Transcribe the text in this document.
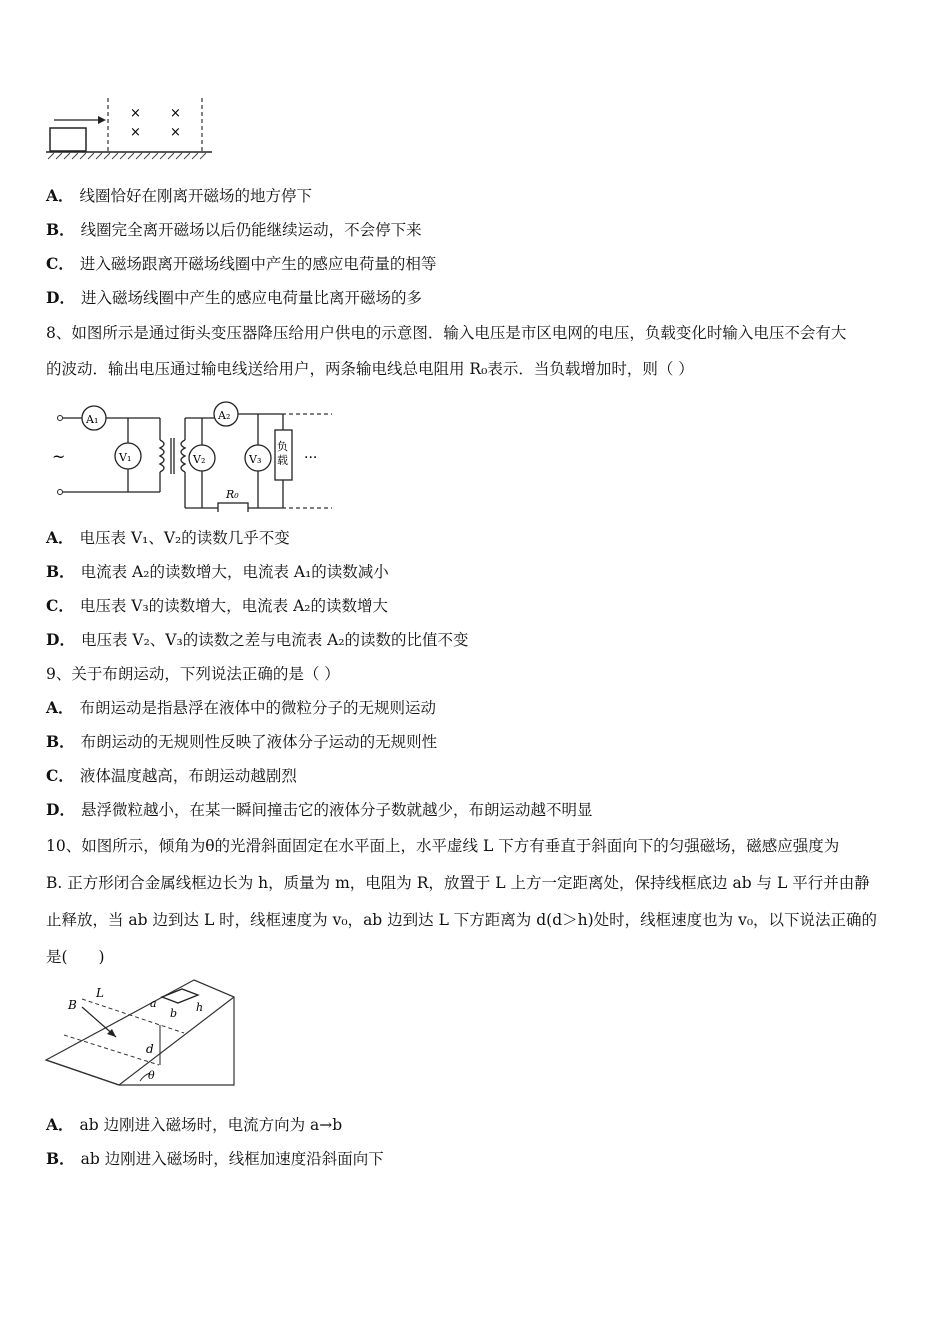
× ×
× ×
A． 线圈恰好在刚离开磁场的地方停下
B． 线圈完全离开磁场以后仍能继续运动，不会停下来
C． 进入磁场跟离开磁场线圈中产生的感应电荷量的相等
D． 进入磁场线圈中产生的感应电荷量比离开磁场的多
8、如图所示是通过街头变压器降压给用户供电的示意图．输入电压是市区电网的电压，负载变化时输入电压不会有大
的波动．输出电压通过输电线送给用户，两条输电线总电阻用 R₀表示．当负载增加时，则（ ）
~
A₁
V₁
A₂
V₂
R₀
V₃
负载 ···
A． 电压表 V₁、V₂的读数几乎不变
B． 电流表 A₂的读数增大，电流表 A₁的读数减小
C． 电压表 V₃的读数增大，电流表 A₂的读数增大
D． 电压表 V₂、V₃的读数之差与电流表 A₂的读数的比值不变
9、关于布朗运动，下列说法正确的是（ ）
A． 布朗运动是指悬浮在液体中的微粒分子的无规则运动
B． 布朗运动的无规则性反映了液体分子运动的无规则性
C． 液体温度越高，布朗运动越剧烈
D． 悬浮微粒越小，在某一瞬间撞击它的液体分子数就越少，布朗运动越不明显
10、如图所示，倾角为θ的光滑斜面固定在水平面上，水平虚线 L 下方有垂直于斜面向下的匀强磁场，磁感应强度为
B. 正方形闭合金属线框边长为 h，质量为 m，电阻为 R，放置于 L 上方一定距离处，保持线框底边 ab 与 L 平行并由静
止释放，当 ab 边到达 L 时，线框速度为 v₀，ab 边到达 L 下方距离为 d(d＞h)处时，线框速度也为 v₀，以下说法正确的
是(　　)
B
L
a
b h
d
θ
A． ab 边刚进入磁场时，电流方向为 a→b
B． ab 边刚进入磁场时，线框加速度沿斜面向下
